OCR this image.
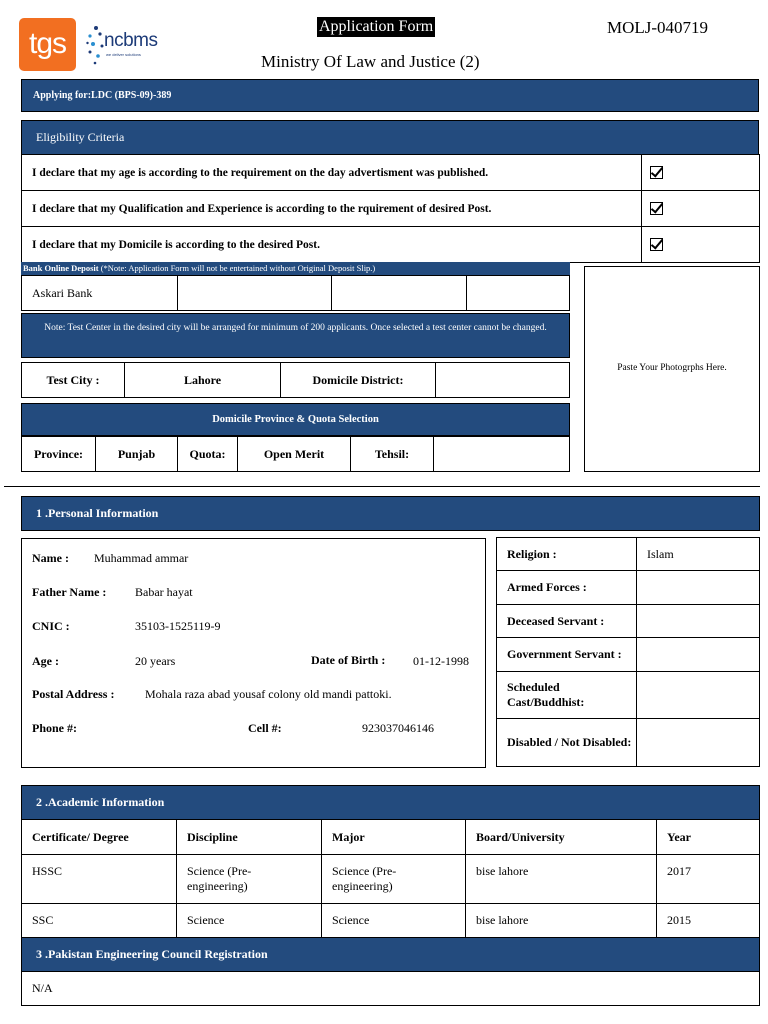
tgs	ncbms
we deliver solutions
Application Form	MOLJ-040719
Ministry Of Law and Justice (2)
Applying for:LDC (BPS-09)-389
Eligibility Criteria
I declare that my age is according to the requirement on the day advertisment was published.	
I declare that my Qualification and Experience is according to the rquirement of desired Post.	
I declare that my Domicile is according to the desired Post.	
Bank Online Deposit (*Note: Application Form will not be entertained without Original Deposit Slip.)
Askari Bank			
Note: Test Center in the desired city will be arranged for minimum of 200 applicants. Once selected a test center cannot be changed.
Test City :	Lahore	Domicile District:	
Domicile Province & Quota Selection
Province:	Punjab	Quota:	Open Merit	Tehsil:	
Paste Your Photogrphs Here.
1 .Personal Information
Name : Muhammad ammar
Father Name : Babar hayat
CNIC :	35103-1525119-9
Age :	20 years	Date of Birth : 01-12-1998
Postal Address :	Mohala raza abad yousaf colony old mandi pattoki.
Phone #:	Cell #:	923037046146
Religion :	Islam
Armed Forces :	
Deceased Servant :	
Government Servant :	
Scheduled Cast/Buddhist:	
Disabled / Not Disabled:	
2 .Academic Information
Certificate/ Degree	Discipline	Major	Board/University	Year
HSSC	Science (Pre-engineering)	Science (Pre-engineering)	bise lahore	2017
SSC	Science	Science	bise lahore	2015
3 .Pakistan Engineering Council Registration
N/A
